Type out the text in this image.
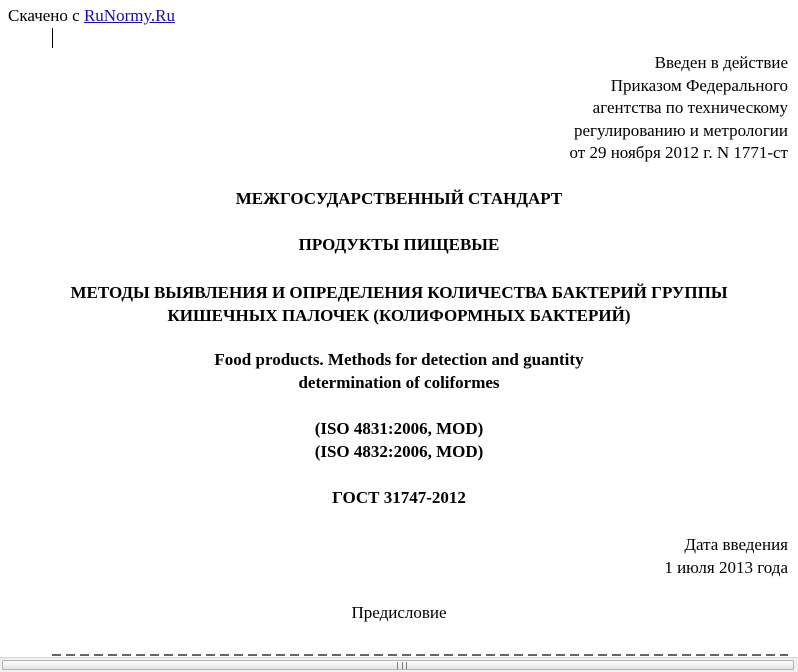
Скачено с RuNormy.Ru
Введен в действие
Приказом Федерального
агентства по техническому
регулированию и метрологии
от 29 ноября 2012 г. N 1771-ст
МЕЖГОСУДАРСТВЕННЫЙ СТАНДАРТ
ПРОДУКТЫ ПИЩЕВЫЕ
МЕТОДЫ ВЫЯВЛЕНИЯ И ОПРЕДЕЛЕНИЯ КОЛИЧЕСТВА БАКТЕРИЙ ГРУППЫ
КИШЕЧНЫХ ПАЛОЧЕК (КОЛИФОРМНЫХ БАКТЕРИЙ)
Food products. Methods for detection and guantity
determination of coliformes
(ISO 4831:2006, MOD)
(ISO 4832:2006, MOD)
ГОСТ 31747-2012
Дата введения
1 июля 2013 года
Предисловие
